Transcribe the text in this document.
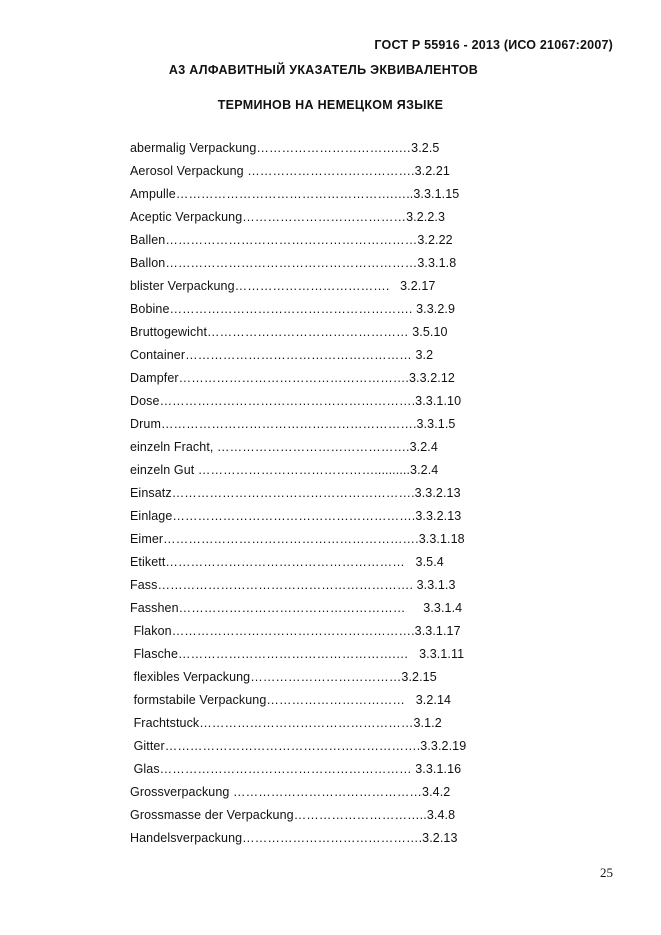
ГОСТ Р 55916 - 2013 (ИСО 21067:2007)
А3 АЛФАВИТНЫЙ УКАЗАТЕЛЬ ЭКВИВАЛЕНТОВ
ТЕРМИНОВ НА НЕМЕЦКОМ ЯЗЫКЕ
abermalig Verpackung…………………………….…3.2.5
Aerosol Verpackung ………………………………….3.2.21
Ampulle…………………………………………….…..3.3.1.15
Aceptic Verpackung…………………………………3.2.2.3
Ballen……………………………………………………3.2.22
Ballon……………………………………………………3.3.1.8
blister Verpackung……………………………….   3.2.17
Bobine…………………………………………………. 3.3.2.9
Bruttogewicht………………………………………… 3.5.10
Container……………………………………………… 3.2
Dampfer……………………………………………….3.3.2.12
Dose…………………………………………………….3.3.1.10
Drum…………………………………………………….3.3.1.5
einzeln Fracht, ……………………………………….3.2.4
einzeln Gut ……………………………………..........3.2.4
Einsatz………………………………………………….3.3.2.13
Einlage………………………………………………….3.3.2.13
Eimer…………………………………………………….3.3.1.18
Etikett…………………………………………………   3.5.4
Fass……………………………………………………. 3.3.1.3
Fasshen………………………………………………     3.3.1.4
Flakon………………………………………………….3.3.1.17
Flasche…………………………………………….…   3.3.1.11
flexibles Verpackung………………………………3.2.15
formstabile Verpackung……………………………   3.2.14
Frachtstuck……………………………………………3.1.2
Gitter…………………………………………………….3.3.2.19
Glas…………………………………………………… 3.3.1.16
Grossverpackung ………………………………………3.4.2
Grossmasse der Verpackung…………………………..3.4.8
Handelsverpackung…………………………………….3.2.13
25
